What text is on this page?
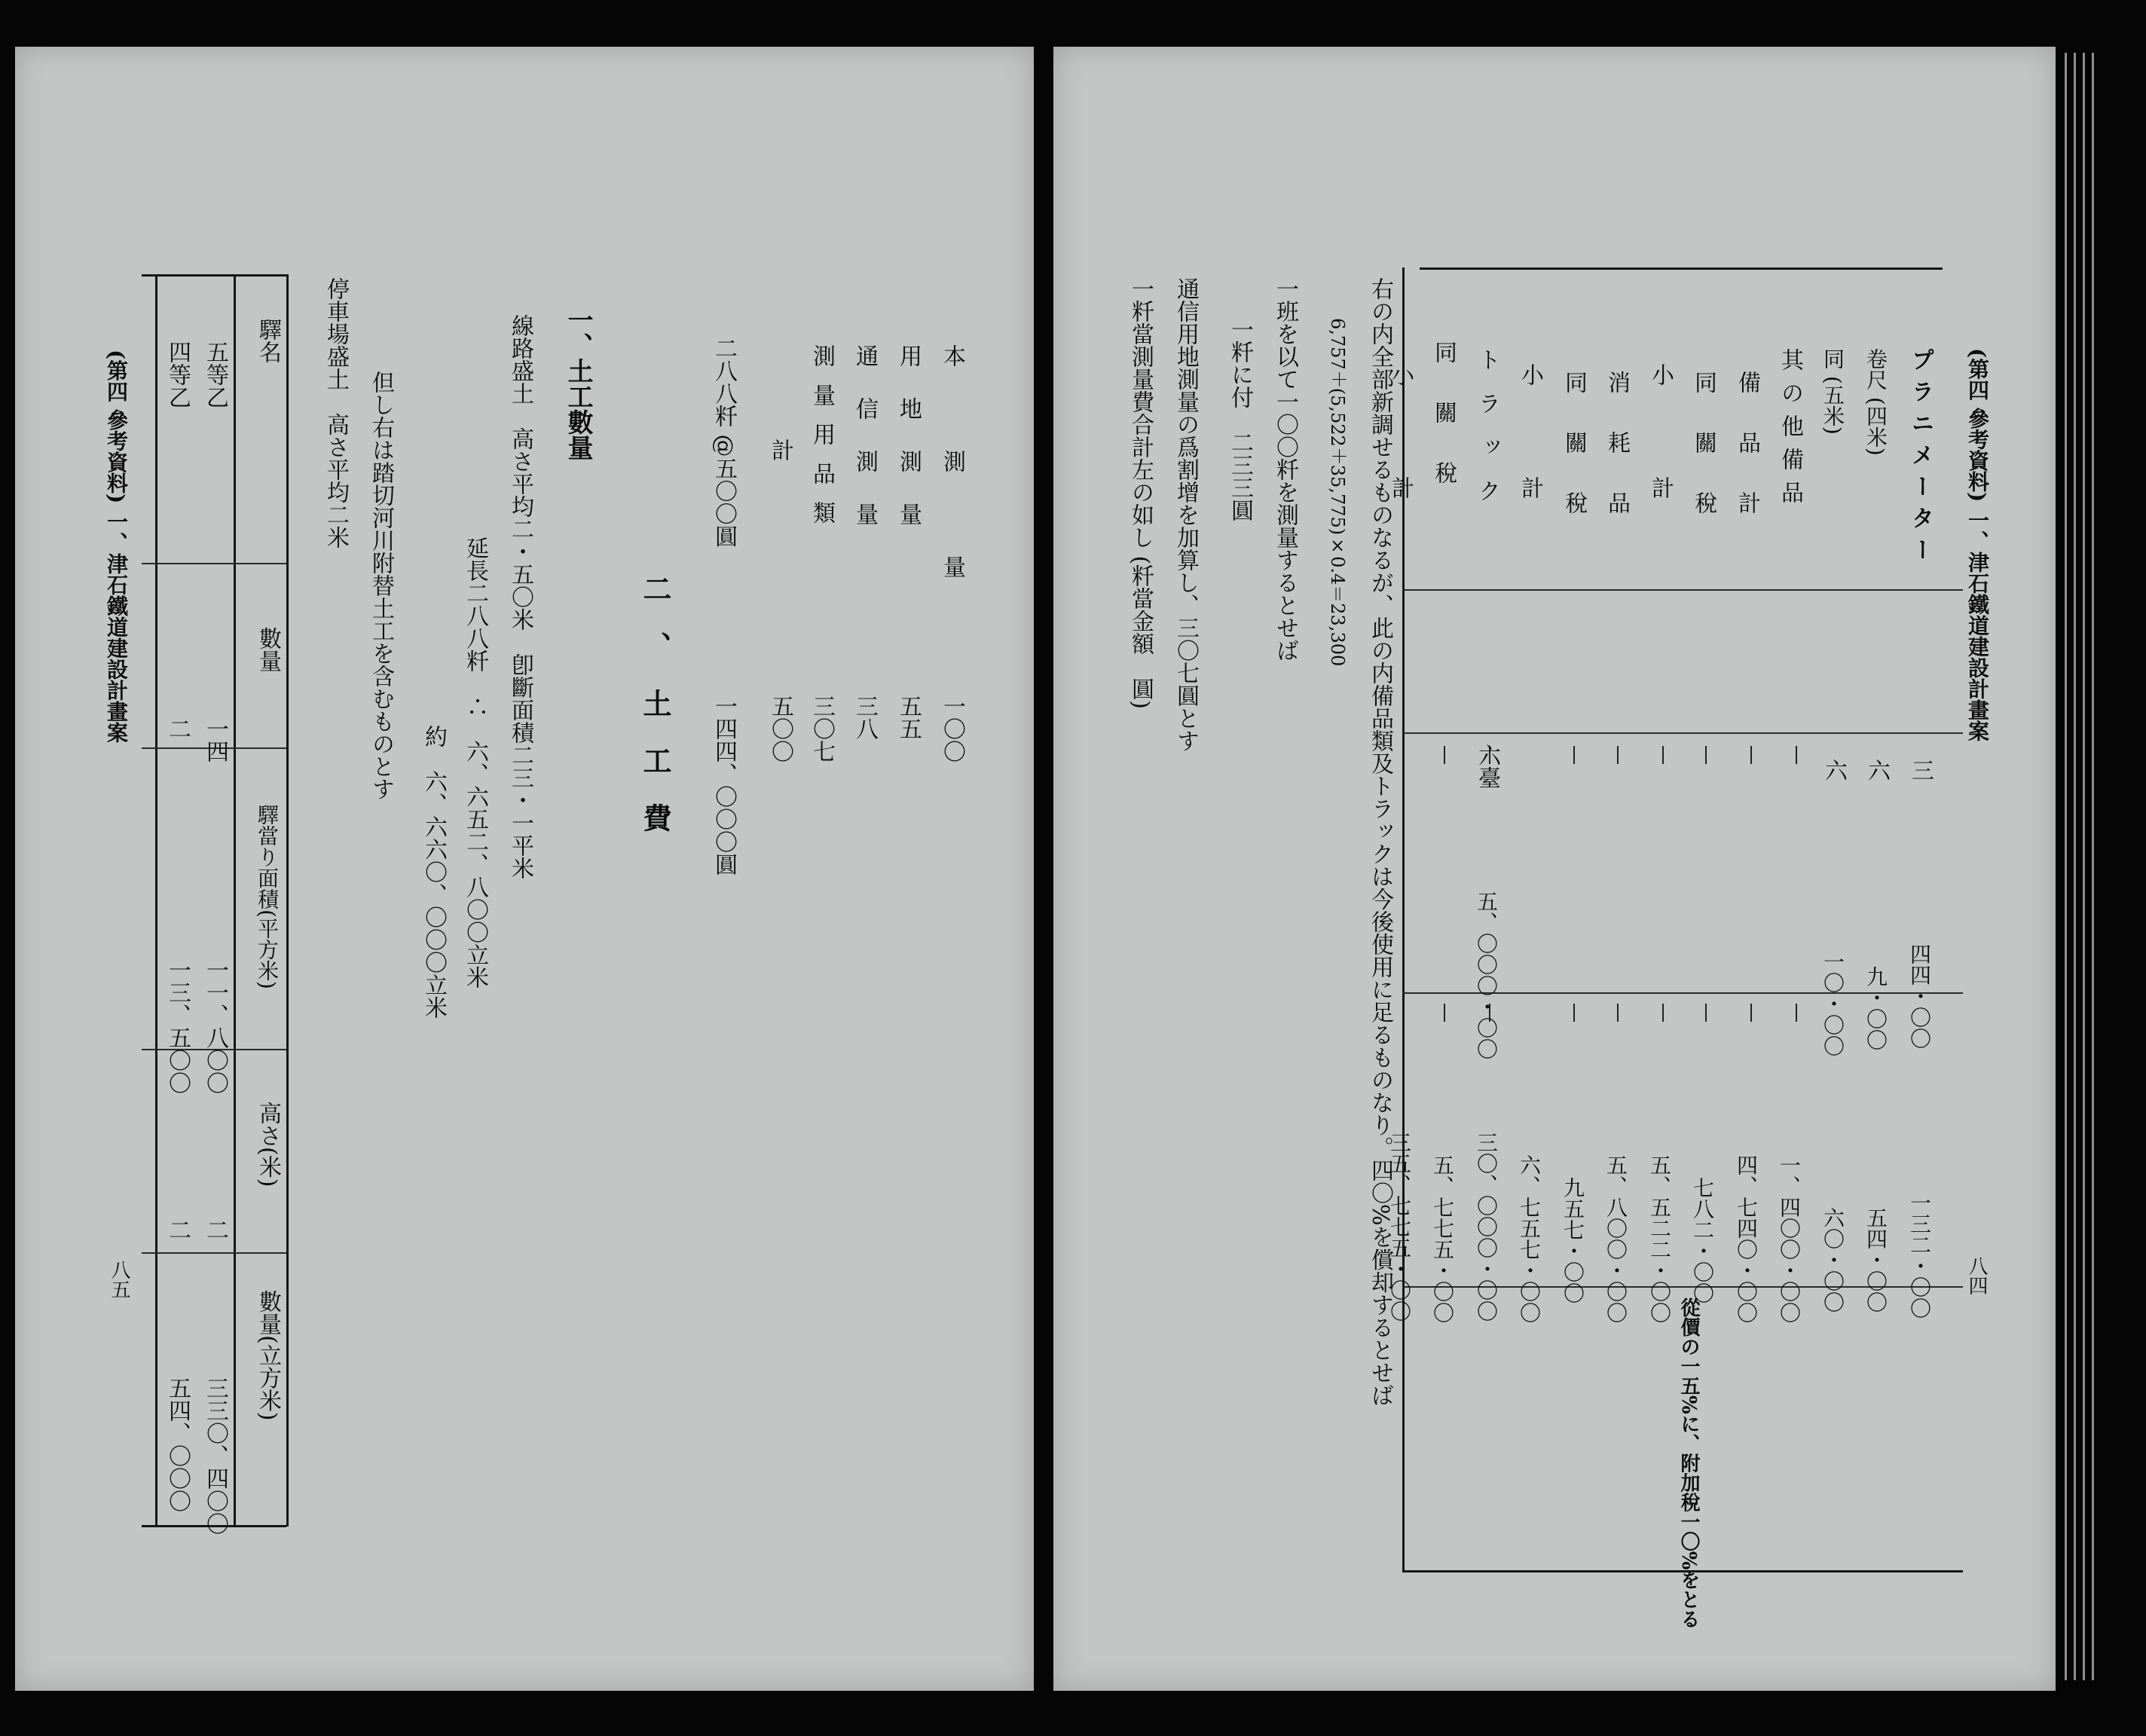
(第四 參考資料) 一、津石鐵道建設計畫案
八五
驛名
數量
驛當り面積(平方米)
高さ(米)
數量(立方米)
五等乙
一四
一一、八〇〇
二
三三〇、四〇〇
四等乙
二
一三、五〇〇
二
五四、〇〇〇
停車場盛土　高さ平均二米 但し右は踏切河川附替土工を含むものとす
約　六、六六〇、〇〇〇立米 延長二八八粁　∴　六、六五二、八〇〇立米 線路盛土　高さ平均二・五〇米　卽斷面積二三・一平米 一、土工數量
二、土工費
二八八粁 @五〇〇圓
一四四、〇〇〇圓
計
五〇〇
測量用品類
三〇七
通信測量
三八
用地測量
五五
本測量
一〇〇
一粁當測量費合計左の如し (粁當金額　圓) 通信用地測量の爲割增を加算し、三〇七圓とす 一粁に付　二三三圓 一班を以て一〇〇粁を測量するとせば 6,757＋(5,522＋35,775)×0.4＝23,300 右の内全部新調せるものなるが、此の内備品類及トラックは今後使用に足るものなり。四〇%を償却するとせば	プラニメーター
三
四四・〇〇
一三二・〇〇
卷尺 (四米)
六
九・〇〇
五四・〇〇
同 (五米)
六
一〇・〇〇
六〇・〇〇
其の他備品
一、四〇〇・〇〇
備品計
四、七四〇・〇〇
同關稅
七八二・〇〇
從價の一五%に、附加稅一〇%をとる
小計
五、五二二・〇〇
消耗品
五、八〇〇・〇〇
同關稅
九五七・〇〇
小計
六、七五七・〇〇
トラック
六臺
五、〇〇〇・〇〇
三〇、〇〇〇・〇〇
同關稅
五、七七五・〇〇
小計
三五、七七五・〇〇
(第四 參考資料) 一、津石鐵道建設計畫案
八四
